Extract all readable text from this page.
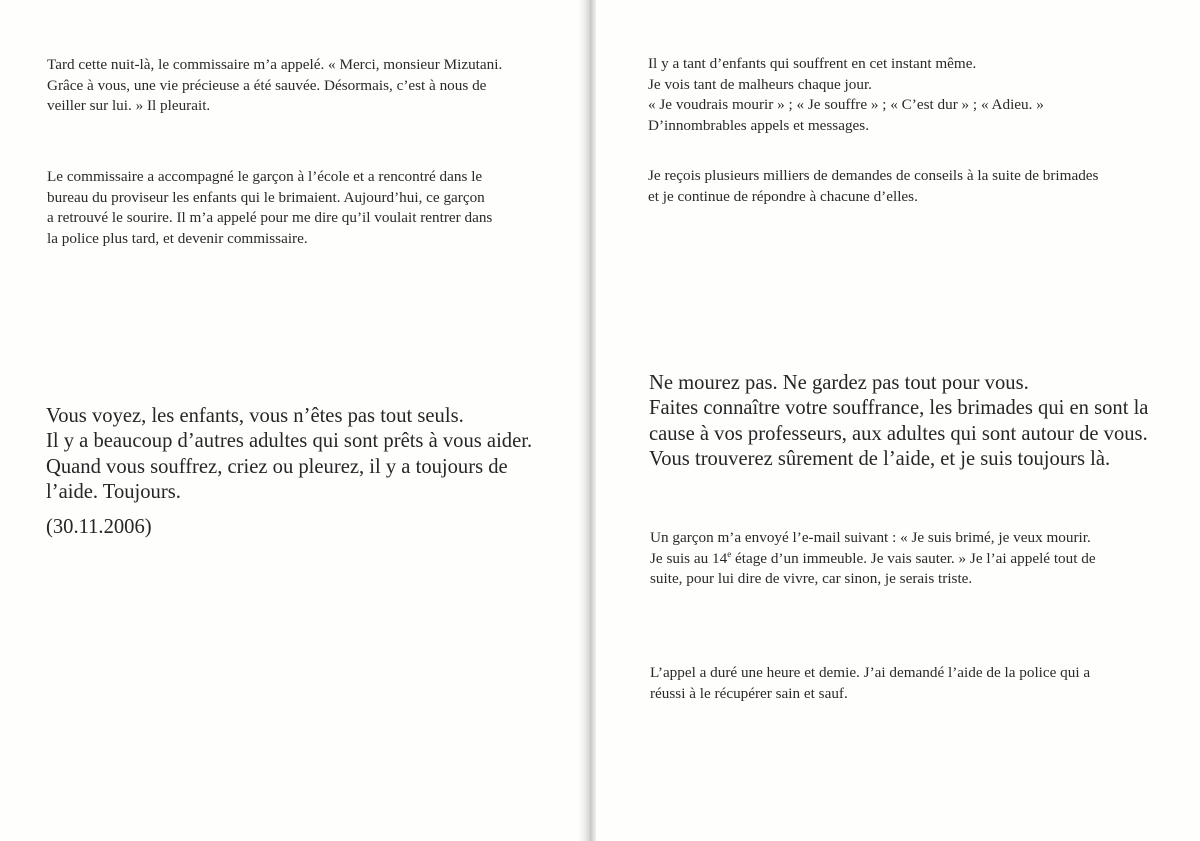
Tard cette nuit-là, le commissaire m’a appelé. « Merci, monsieur Mizutani.
Grâce à vous, une vie précieuse a été sauvée. Désormais, c’est à nous de
veiller sur lui. » Il pleurait.

Le commissaire a accompagné le garçon à l’école et a rencontré dans le
bureau du proviseur les enfants qui le brimaient. Aujourd’hui, ce garçon
a retrouvé le sourire. Il m’a appelé pour me dire qu’il voulait rentrer dans
la police plus tard, et devenir commissaire.

Vous voyez, les enfants, vous n’êtes pas tout seuls.
Il y a beaucoup d’autres adultes qui sont prêts à vous aider.
Quand vous souffrez, criez ou pleurez, il y a toujours de
l’aide. Toujours.

(30.11.2006)

Il y a tant d’enfants qui souffrent en cet instant même.
Je vois tant de malheurs chaque jour.
« Je voudrais mourir » ; « Je souffre » ; « C’est dur » ; « Adieu. »
D’innombrables appels et messages.

Je reçois plusieurs milliers de demandes de conseils à la suite de brimades
et je continue de répondre à chacune d’elles.

Ne mourez pas. Ne gardez pas tout pour vous.
Faites connaître votre souffrance, les brimades qui en sont la
cause à vos professeurs, aux adultes qui sont autour de vous.
Vous trouverez sûrement de l’aide, et je suis toujours là.

Un garçon m’a envoyé l’e-mail suivant : « Je suis brimé, je veux mourir.
Je suis au 14e étage d’un immeuble. Je vais sauter. » Je l’ai appelé tout de
suite, pour lui dire de vivre, car sinon, je serais triste.

L’appel a duré une heure et demie. J’ai demandé l’aide de la police qui a
réussi à le récupérer sain et sauf.
